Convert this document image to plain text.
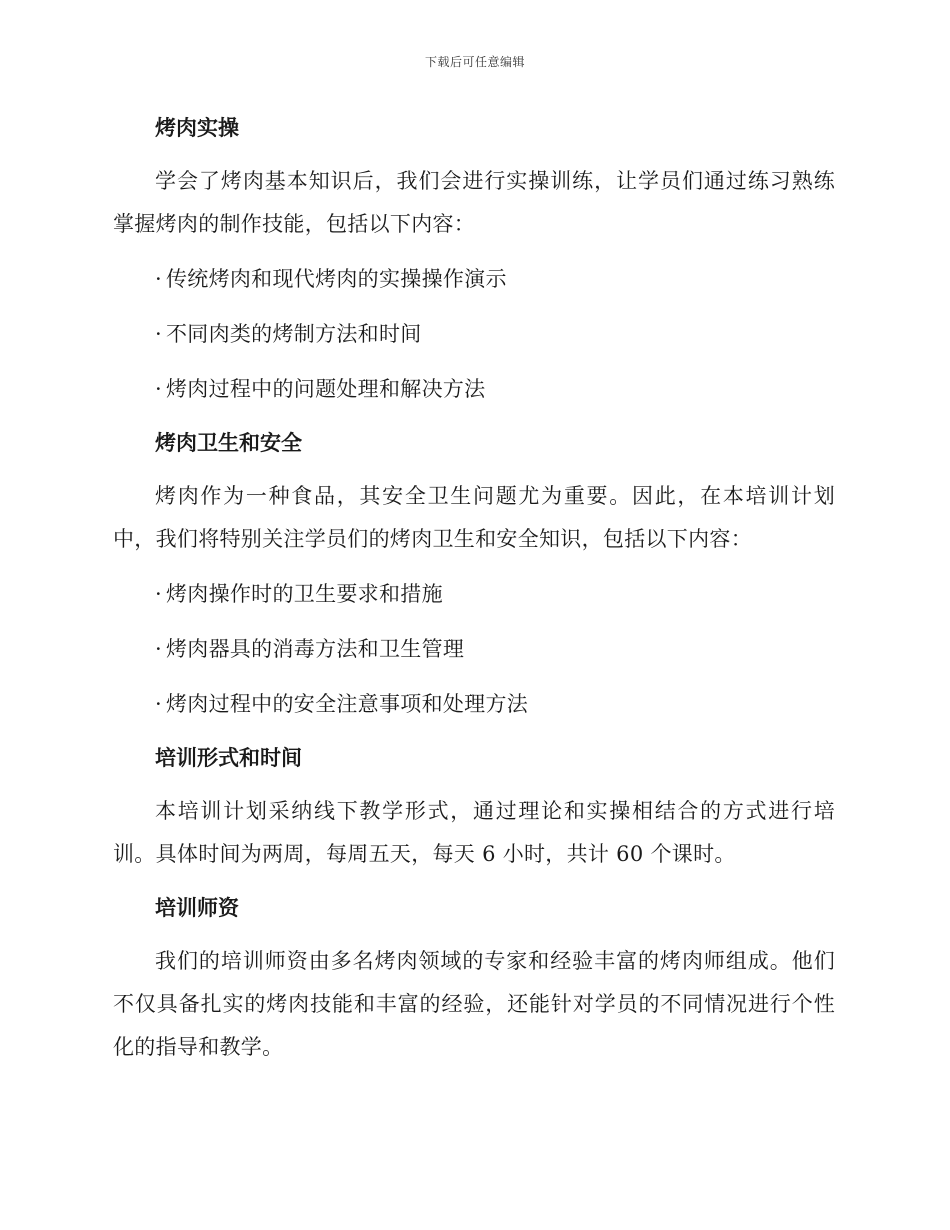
下载后可任意编辑
烤肉实操

学会了烤肉基本知识后，我们会进行实操训练，让学员们通过练习熟练掌握烤肉的制作技能，包括以下内容：

· 传统烤肉和现代烤肉的实操操作演示
· 不同肉类的烤制方法和时间
· 烤肉过程中的问题处理和解决方法
烤肉卫生和安全

烤肉作为一种食品，其安全卫生问题尤为重要。因此，在本培训计划中，我们将特别关注学员们的烤肉卫生和安全知识，包括以下内容：

· 烤肉操作时的卫生要求和措施
· 烤肉器具的消毒方法和卫生管理
· 烤肉过程中的安全注意事项和处理方法
培训形式和时间

本培训计划采纳线下教学形式，通过理论和实操相结合的方式进行培训。具体时间为两周，每周五天，每天 6 小时，共计 60 个课时。

培训师资

我们的培训师资由多名烤肉领域的专家和经验丰富的烤肉师组成。他们不仅具备扎实的烤肉技能和丰富的经验，还能针对学员的不同情况进行个性化的指导和教学。
